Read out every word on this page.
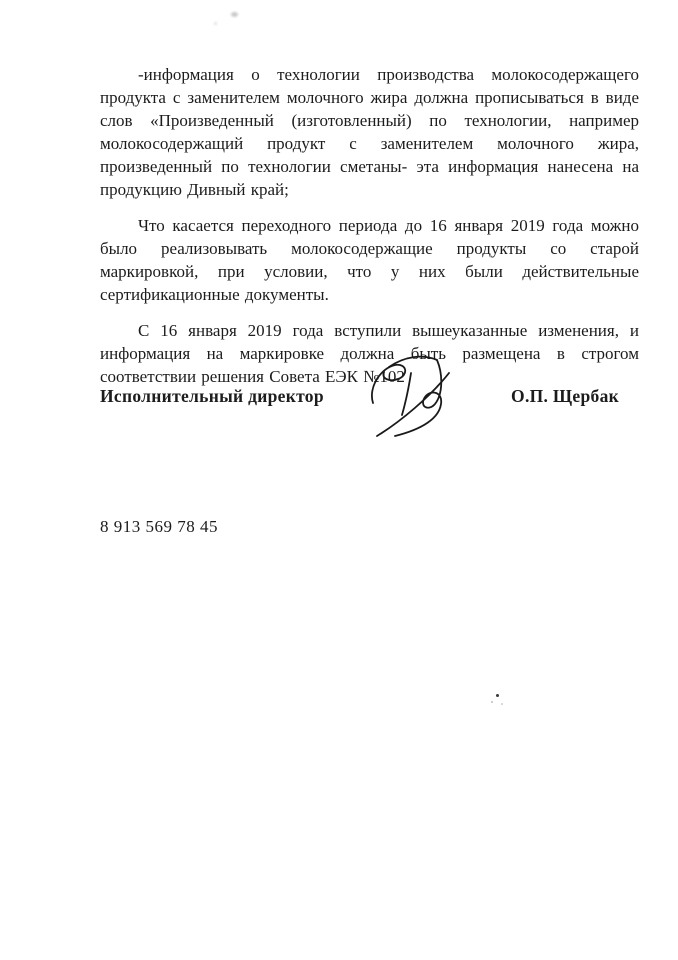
-информация о технологии производства молокосодержащего продукта с заменителем молочного жира должна прописываться в виде слов «Произведенный (изготовленный) по технологии, например молокосодержащий продукт с заменителем молочного жира, произведенный по технологии сметаны- эта информация нанесена на продукцию Дивный край;

Что касается переходного периода до 16 января 2019 года можно было реализовывать молокосодержащие продукты со старой маркировкой, при условии, что у них были действительные сертификационные документы.

С 16 января 2019 года вступили вышеуказанные изменения, и информация на маркировке должна быть размещена в строгом соответствии решения Совета ЕЭК №102

Исполнительный директор	О.П. Щербак
8 913 569 78 45
